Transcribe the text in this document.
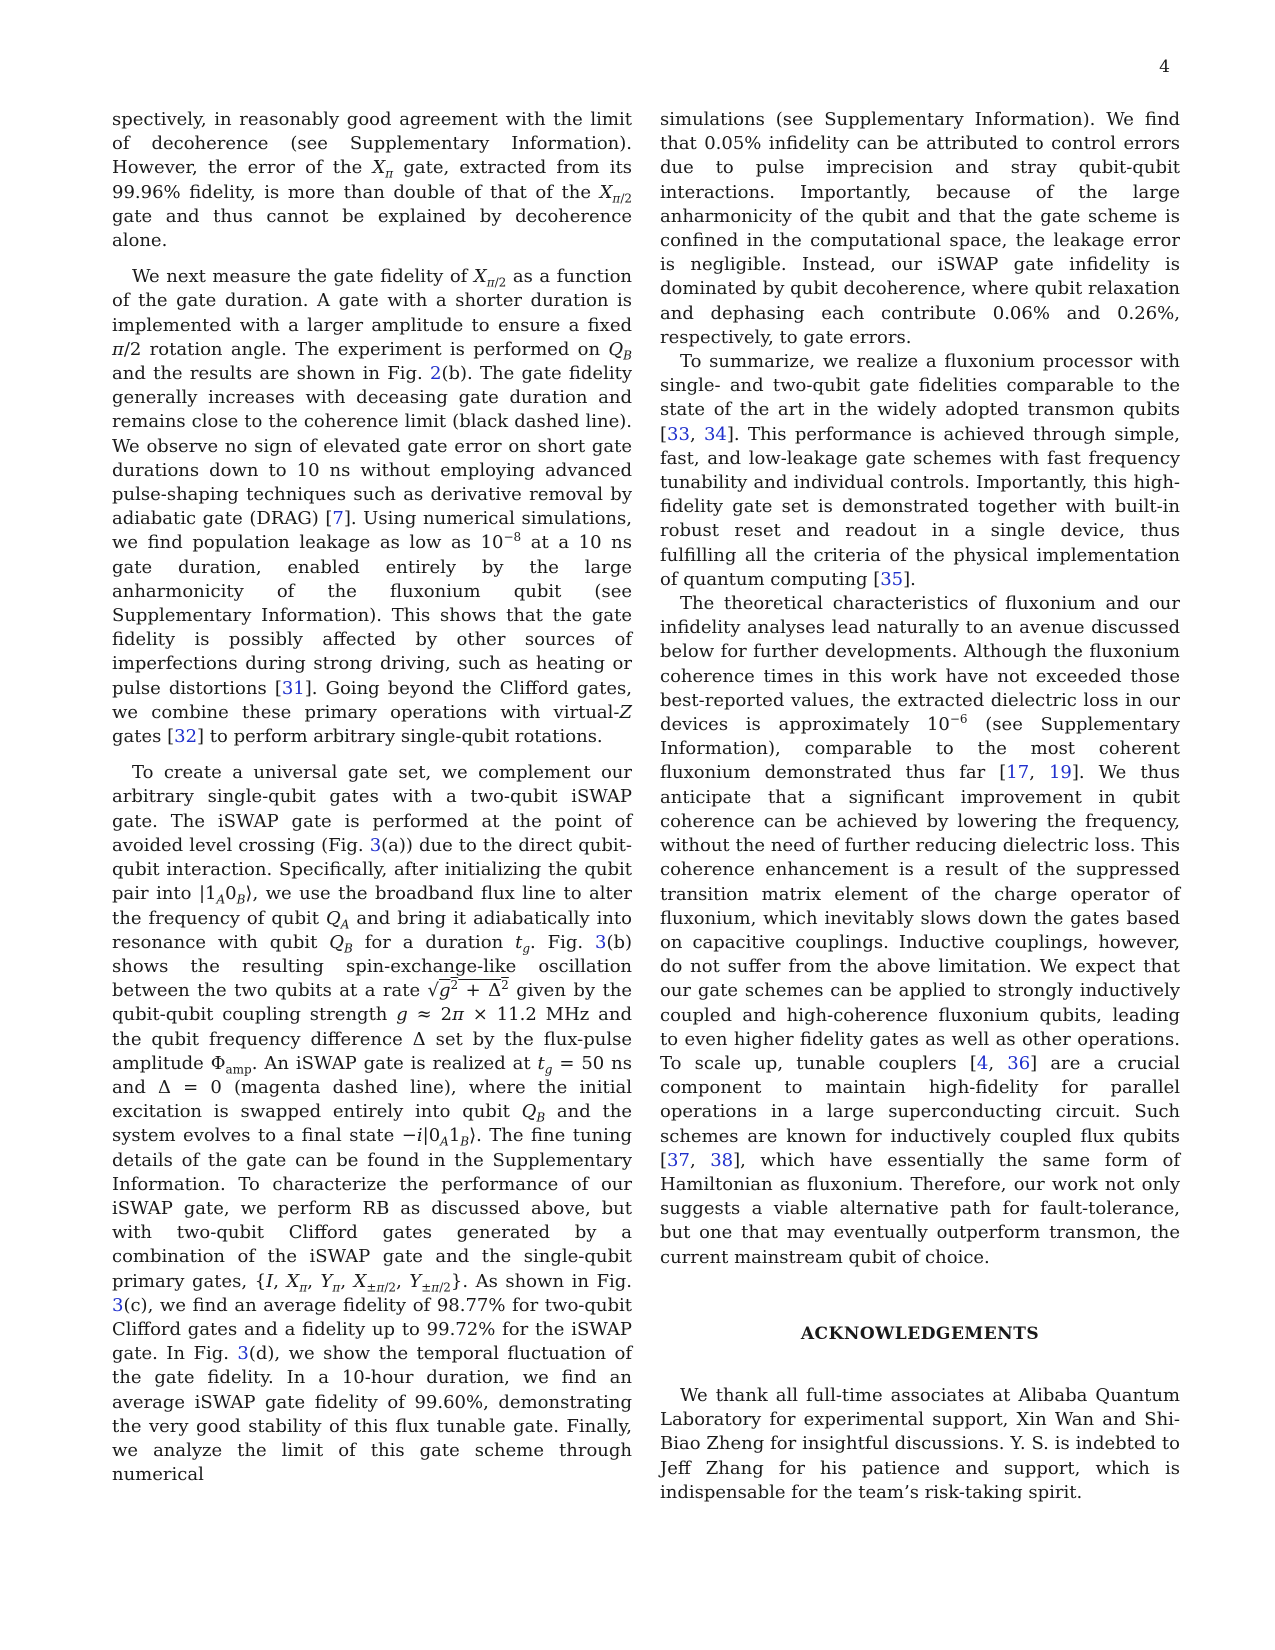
4

spectively, in reasonably good agreement with the limit of decoherence (see Supplementary Information). However, the error of the $X_\pi$ gate, extracted from its 99.96% fidelity, is more than double of that of the $X_{\pi/2}$ gate and thus cannot be explained by decoherence alone.

We next measure the gate fidelity of $X_{\pi/2}$ as a function of the gate duration. A gate with a shorter duration is implemented with a larger amplitude to ensure a fixed π/2 rotation angle. The experiment is performed on $Q_B$ and the results are shown in Fig. 2(b). The gate fidelity generally increases with deceasing gate duration and remains close to the coherence limit (black dashed line). We observe no sign of elevated gate error on short gate durations down to 10 ns without employing advanced pulse-shaping techniques such as derivative removal by adiabatic gate (DRAG) [7]. Using numerical simulations, we find population leakage as low as $10^{-8}$ at a 10 ns gate duration, enabled entirely by the large anharmonicity of the fluxonium qubit (see Supplementary Information). This shows that the gate fidelity is possibly affected by other sources of imperfections during strong driving, such as heating or pulse distortions [31]. Going beyond the Clifford gates, we combine these primary operations with virtual-Z gates [32] to perform arbitrary single-qubit rotations.

To create a universal gate set, we complement our arbitrary single-qubit gates with a two-qubit iSWAP gate. The iSWAP gate is performed at the point of avoided level crossing (Fig. 3(a)) due to the direct qubit-qubit interaction. Specifically, after initializing the qubit pair into $|1_A0_B⟩$, we use the broadband flux line to alter the frequency of qubit $Q_A$ and bring it adiabatically into resonance with qubit $Q_B$ for a duration $t_g$. Fig. 3(b) shows the resulting spin-exchange-like oscillation between the two qubits at a rate $√g^2 + \Delta^2$ given by the qubit-qubit coupling strength g ≈ 2π × 11.2 MHz and the qubit frequency difference Δ set by the flux-pulse amplitude $\Phi_{amp}$. An iSWAP gate is realized at $t_g = 50$ ns and Δ = 0 (magenta dashed line), where the initial excitation is swapped entirely into qubit $Q_B$ and the system evolves to a final state $-i|0_A1_B⟩$. The fine tuning details of the gate can be found in the Supplementary Information. To characterize the performance of our iSWAP gate, we perform RB as discussed above, but with two-qubit Clifford gates generated by a combination of the iSWAP gate and the single-qubit primary gates, {I, $X_\pi$, $Y_\pi$, $X_{\pm\pi/2}$, $Y_{\pm\pi/2}$}. As shown in Fig. 3(c), we find an average fidelity of 98.77% for two-qubit Clifford gates and a fidelity up to 99.72% for the iSWAP gate. In Fig. 3(d), we show the temporal fluctuation of the gate fidelity. In a 10-hour duration, we find an average iSWAP gate fidelity of 99.60%, demonstrating the very good stability of this flux tunable gate. Finally, we analyze the limit of this gate scheme through numerical

simulations (see Supplementary Information). We find that 0.05% infidelity can be attributed to control errors due to pulse imprecision and stray qubit-qubit interactions. Importantly, because of the large anharmonicity of the qubit and that the gate scheme is confined in the computational space, the leakage error is negligible. Instead, our iSWAP gate infidelity is dominated by qubit decoherence, where qubit relaxation and dephasing each contribute 0.06% and 0.26%, respectively, to gate errors.

To summarize, we realize a fluxonium processor with single- and two-qubit gate fidelities comparable to the state of the art in the widely adopted transmon qubits [33, 34]. This performance is achieved through simple, fast, and low-leakage gate schemes with fast frequency tunability and individual controls. Importantly, this high-fidelity gate set is demonstrated together with built-in robust reset and readout in a single device, thus fulfilling all the criteria of the physical implementation of quantum computing [35].

The theoretical characteristics of fluxonium and our infidelity analyses lead naturally to an avenue discussed below for further developments. Although the fluxonium coherence times in this work have not exceeded those best-reported values, the extracted dielectric loss in our devices is approximately $10^{-6}$ (see Supplementary Information), comparable to the most coherent fluxonium demonstrated thus far [17, 19]. We thus anticipate that a significant improvement in qubit coherence can be achieved by lowering the frequency, without the need of further reducing dielectric loss. This coherence enhancement is a result of the suppressed transition matrix element of the charge operator of fluxonium, which inevitably slows down the gates based on capacitive couplings. Inductive couplings, however, do not suffer from the above limitation. We expect that our gate schemes can be applied to strongly inductively coupled and high-coherence fluxonium qubits, leading to even higher fidelity gates as well as other operations. To scale up, tunable couplers [4, 36] are a crucial component to maintain high-fidelity for parallel operations in a large superconducting circuit. Such schemes are known for inductively coupled flux qubits [37, 38], which have essentially the same form of Hamiltonian as fluxonium. Therefore, our work not only suggests a viable alternative path for fault-tolerance, but one that may eventually outperform transmon, the current mainstream qubit of choice.

ACKNOWLEDGEMENTS

We thank all full-time associates at Alibaba Quantum Laboratory for experimental support, Xin Wan and Shi-Biao Zheng for insightful discussions. Y. S. is indebted to Jeff Zhang for his patience and support, which is indispensable for the team’s risk-taking spirit.
